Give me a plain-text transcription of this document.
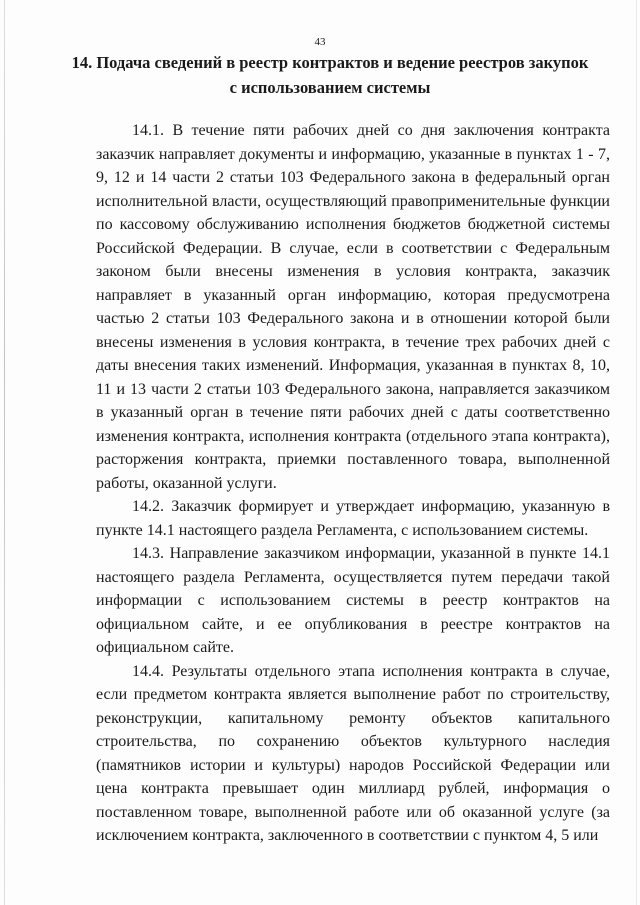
43
14. Подача сведений в реестр контрактов и ведение реестров закупок
с использованием системы

14.1. В течение пяти рабочих дней со дня заключения контракта заказчик направляет документы и информацию, указанные в пунктах 1 - 7, 9, 12 и 14 части 2 статьи 103 Федерального закона в федеральный орган исполнительной власти, осуществляющий правоприменительные функции по кассовому обслуживанию исполнения бюджетов бюджетной системы Российской Федерации. В случае, если в соответствии с Федеральным законом были внесены изменения в условия контракта, заказчик направляет в указанный орган информацию, которая предусмотрена частью 2 статьи 103 Федерального закона и в отношении которой были внесены изменения в условия контракта, в течение трех рабочих дней с даты внесения таких изменений. Информация, указанная в пунктах 8, 10, 11 и 13 части 2 статьи 103 Федерального закона, направляется заказчиком в указанный орган в течение пяти рабочих дней с даты соответственно изменения контракта, исполнения контракта (отдельного этапа контракта), расторжения контракта, приемки поставленного товара, выполненной работы, оказанной услуги.

14.2. Заказчик формирует и утверждает информацию, указанную в пункте 14.1 настоящего раздела Регламента, с использованием системы.

14.3. Направление заказчиком информации, указанной в пункте 14.1 настоящего раздела Регламента, осуществляется путем передачи такой информации с использованием системы в реестр контрактов на официальном сайте, и ее опубликования в реестре контрактов на официальном сайте.

14.4. Результаты отдельного этапа исполнения контракта в случае, если предметом контракта является выполнение работ по строительству, реконструкции, капитальному ремонту объектов капитального строительства, по сохранению объектов культурного наследия (памятников истории и культуры) народов Российской Федерации или цена контракта превышает один миллиард рублей, информация о поставленном товаре, выполненной работе или об оказанной услуге (за исключением контракта, заключенного в соответствии с пунктом 4, 5 или
